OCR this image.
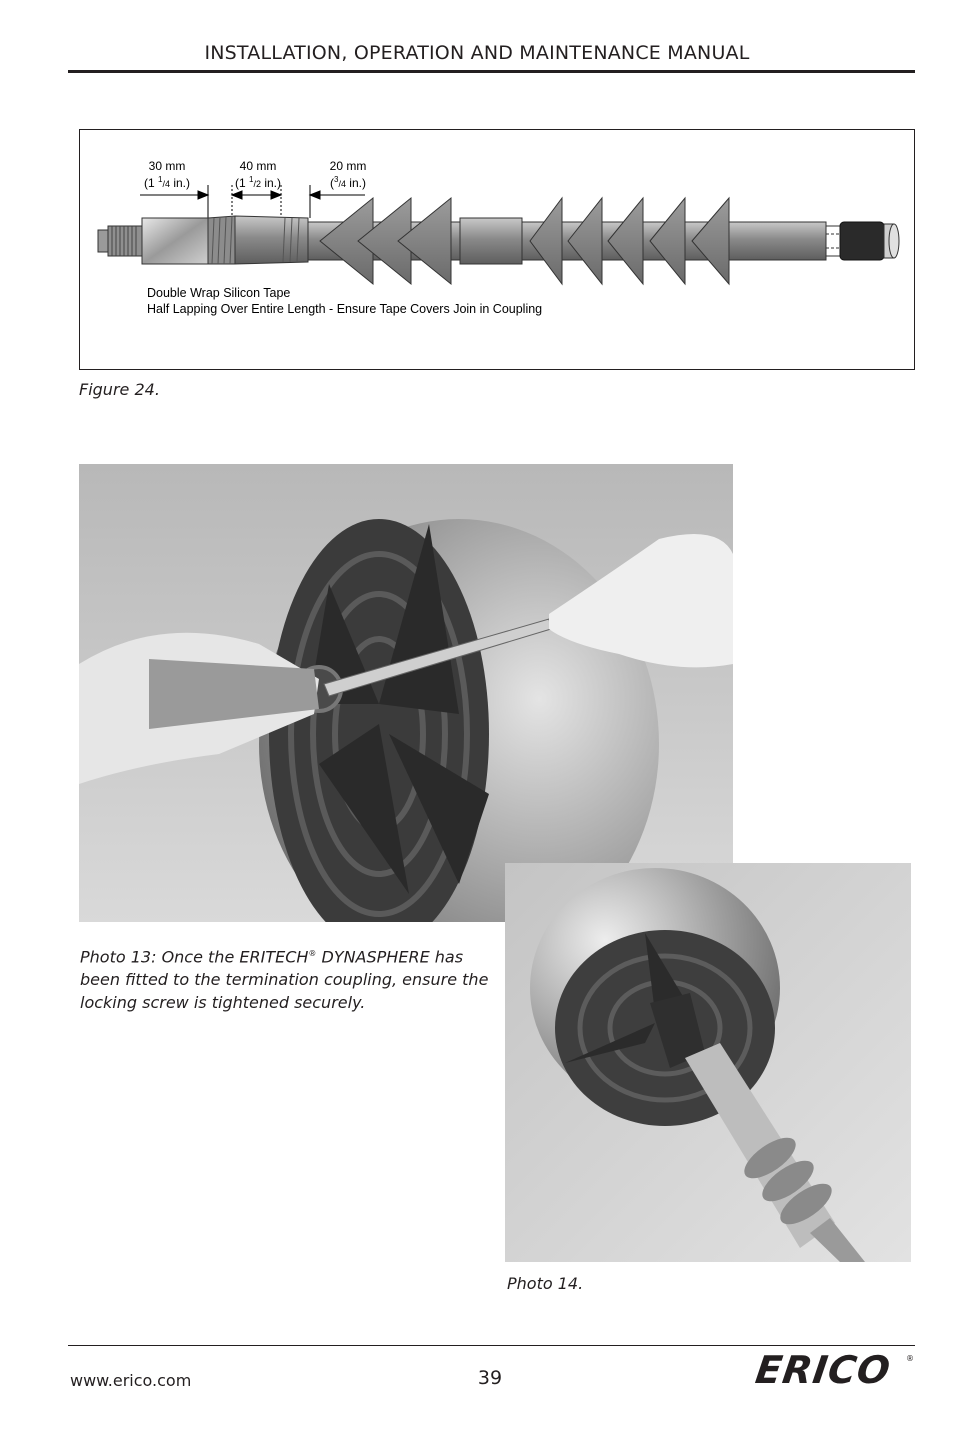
INSTALLATION, OPERATION AND MAINTENANCE MANUAL
30 mm
(1 $^1$/4 in.)
40 mm
(1 $^1$/2 in.)
20 mm
($^3$/4 in.)
Double Wrap Silicon Tape
Half Lapping Over Entire Length - Ensure Tape Covers Join in Coupling
Figure 24.
Photo 13: Once the ERITECH® DYNASPHERE has been fitted to the termination coupling, ensure the locking screw is tightened securely.
Photo 14.
www.erico.com	39	ERICO ®
